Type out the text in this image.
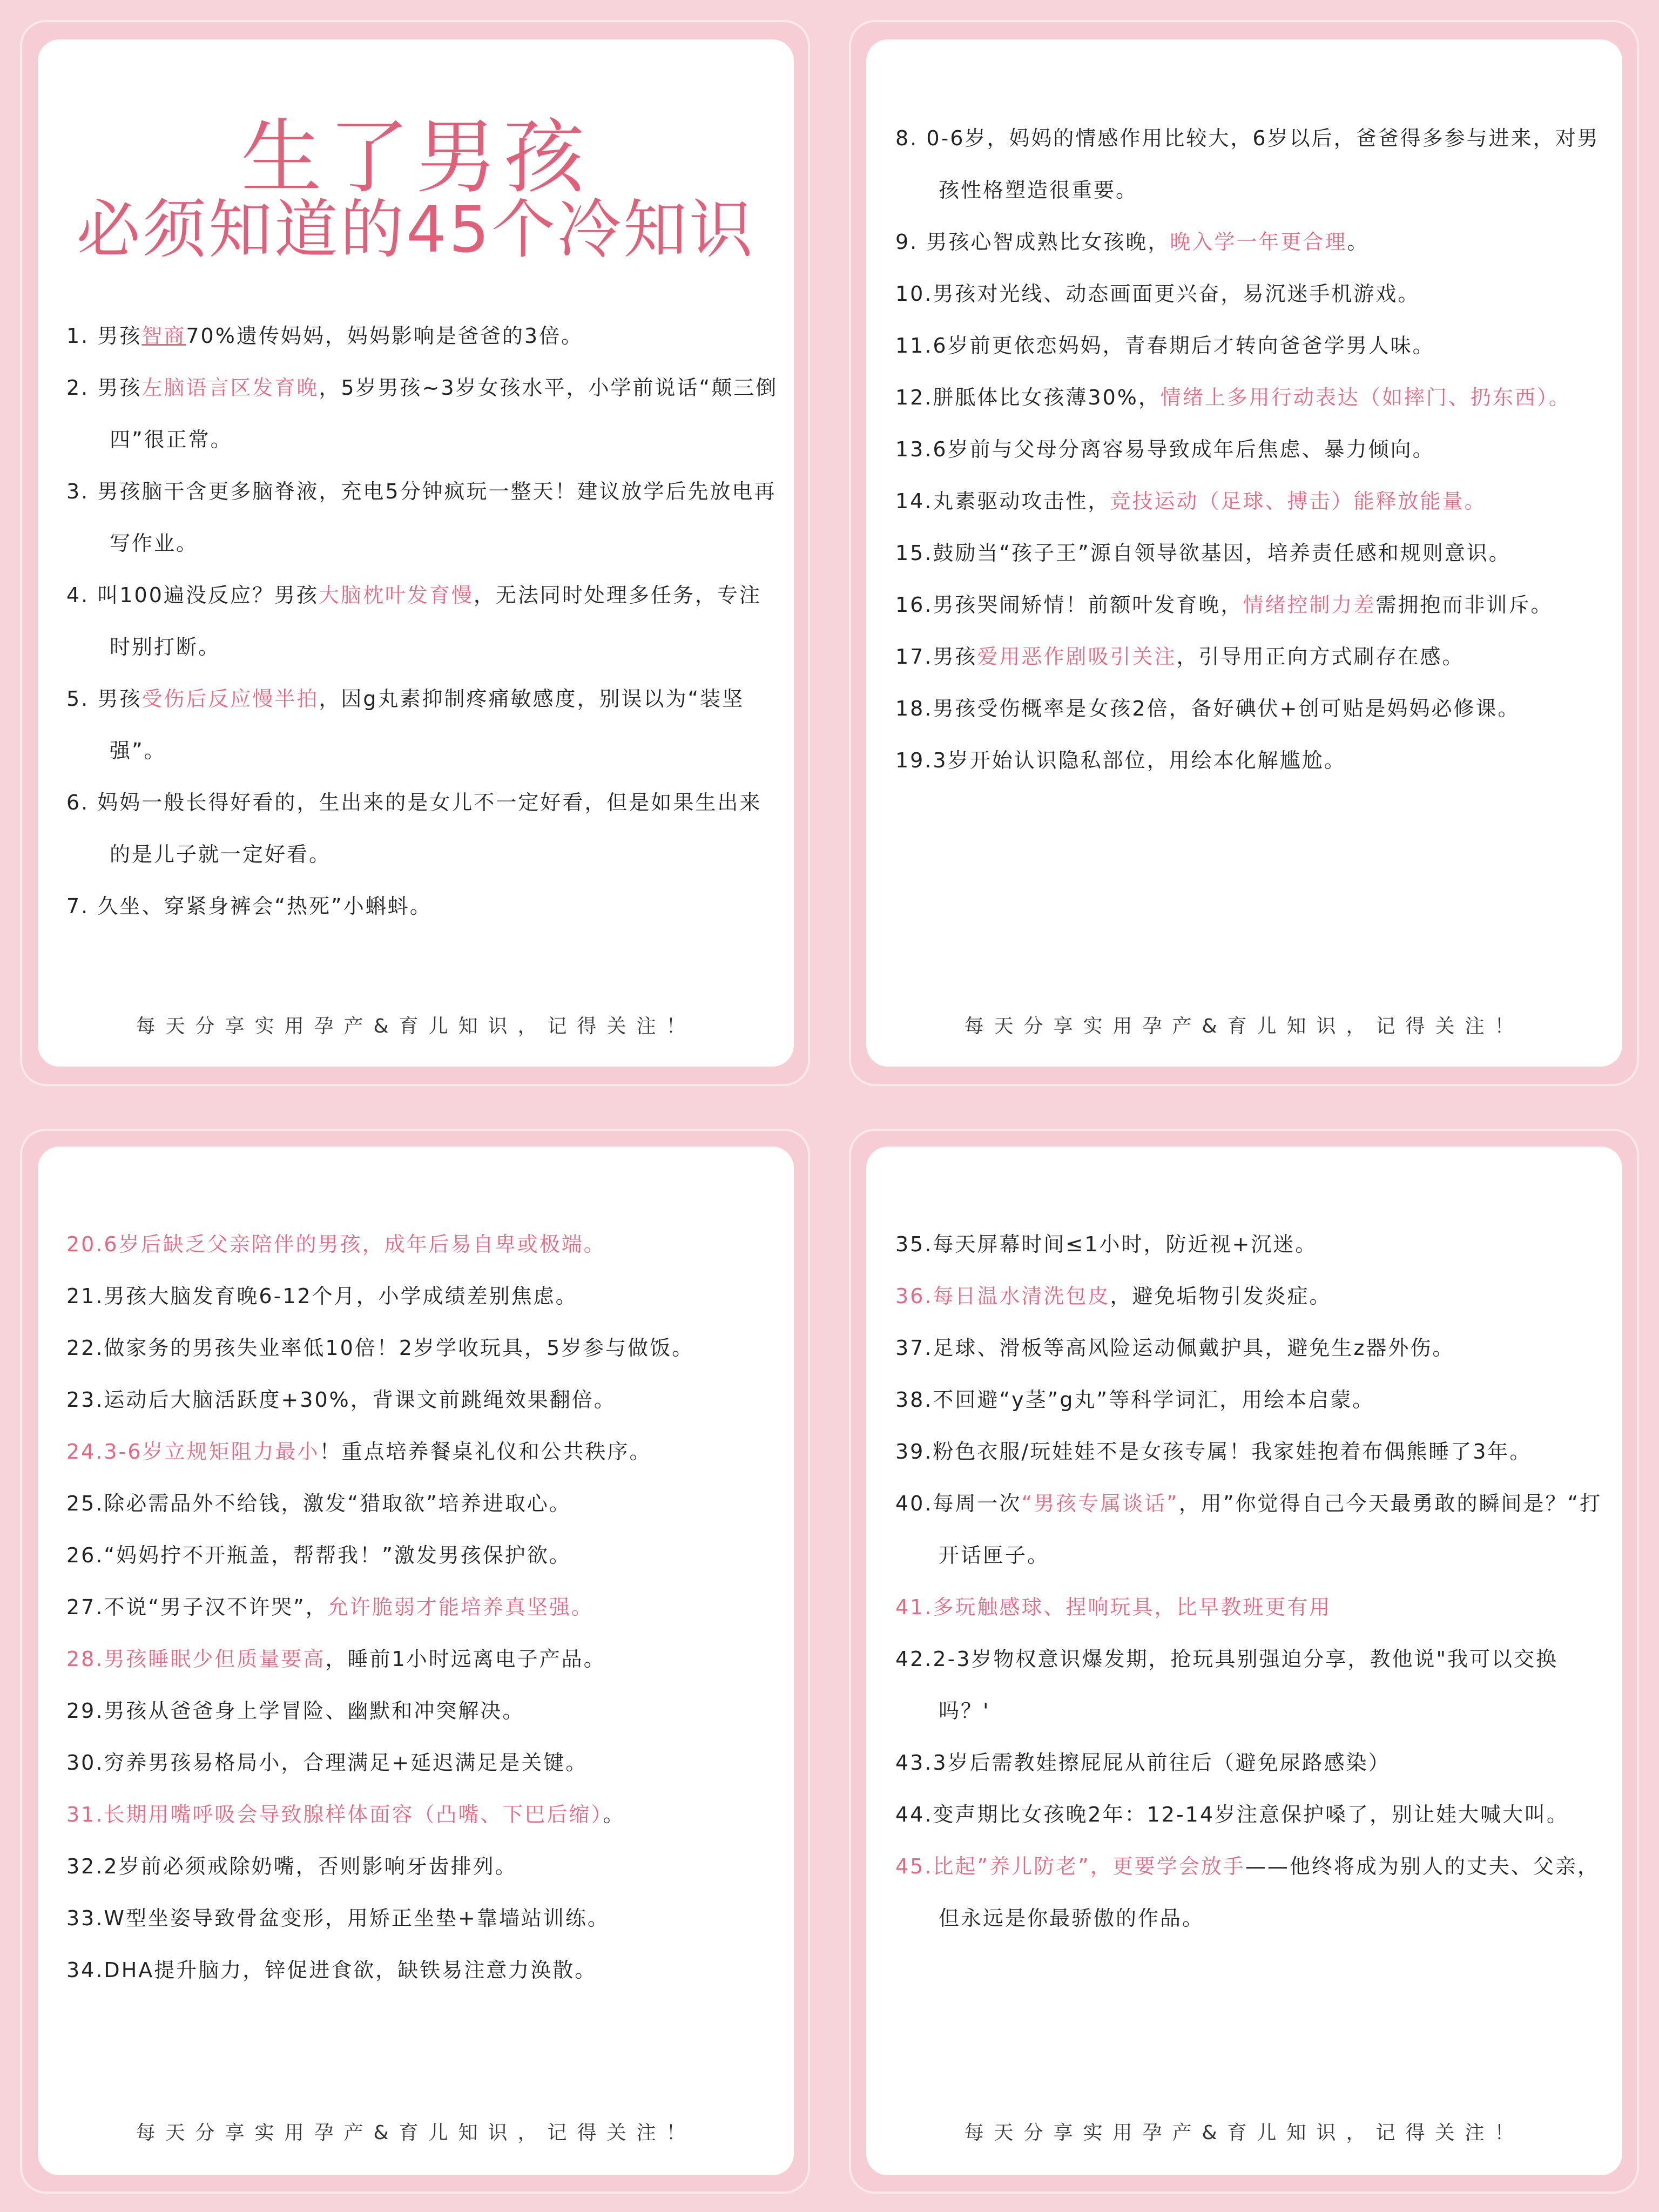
生了男孩
必须知道的45个冷知识
1. 男孩智商70%遗传妈妈，妈妈影响是爸爸的3倍。
2. 男孩左脑语言区发育晚，5岁男孩~3岁女孩水平，小学前说话“颠三倒四”很正常。
3. 男孩脑干含更多脑脊液，充电5分钟疯玩一整天！建议放学后先放电再写作业。
4. 叫100遍没反应？男孩大脑枕叶发育慢，无法同时处理多任务，专注时别打断。
5. 男孩受伤后反应慢半拍，因g丸素抑制疼痛敏感度，别误以为“装坚强”。
6. 妈妈一般长得好看的，生出来的是女儿不一定好看，但是如果生出来的是儿子就一定好看。
7. 久坐、穿紧身裤会“热死”小蝌蚪。
8. 0-6岁，妈妈的情感作用比较大，6岁以后，爸爸得多参与进来，对男孩性格塑造很重要。
9. 男孩心智成熟比女孩晚，晚入学一年更合理。
10.男孩对光线、动态画面更兴奋，易沉迷手机游戏。
11.6岁前更依恋妈妈，青春期后才转向爸爸学男人味。
12.胼胝体比女孩薄30%，情绪上多用行动表达（如摔门、扔东西）。
13.6岁前与父母分离容易导致成年后焦虑、暴力倾向。
14.丸素驱动攻击性，竞技运动（足球、搏击）能释放能量。
15.鼓励当“孩子王”源自领导欲基因，培养责任感和规则意识。
16.男孩哭闹矫情！前额叶发育晚，情绪控制力差需拥抱而非训斥。
17.男孩爱用恶作剧吸引关注，引导用正向方式刷存在感。
18.男孩受伤概率是女孩2倍，备好碘伏+创可贴是妈妈必修课。
19.3岁开始认识隐私部位，用绘本化解尴尬。
20.6岁后缺乏父亲陪伴的男孩，成年后易自卑或极端。
21.男孩大脑发育晚6-12个月，小学成绩差别焦虑。
22.做家务的男孩失业率低10倍！2岁学收玩具，5岁参与做饭。
23.运动后大脑活跃度+30%，背课文前跳绳效果翻倍。
24.3-6岁立规矩阻力最小！重点培养餐桌礼仪和公共秩序。
25.除必需品外不给钱，激发“猎取欲”培养进取心。
26.“妈妈拧不开瓶盖，帮帮我！”激发男孩保护欲。
27.不说“男子汉不许哭”，允许脆弱才能培养真坚强。
28.男孩睡眠少但质量要高，睡前1小时远离电子产品。
29.男孩从爸爸身上学冒险、幽默和冲突解决。
30.穷养男孩易格局小，合理满足+延迟满足是关键。
31.长期用嘴呼吸会导致腺样体面容（凸嘴、下巴后缩）。
32.2岁前必须戒除奶嘴，否则影响牙齿排列。
33.W型坐姿导致骨盆变形，用矫正坐垫+靠墙站训练。
34.DHA提升脑力，锌促进食欲，缺铁易注意力涣散。
35.每天屏幕时间≤1小时，防近视+沉迷。
36.每日温水清洗包皮，避免垢物引发炎症。
37.足球、滑板等高风险运动佩戴护具，避免生z器外伤。
38.不回避“y茎”g丸”等科学词汇，用绘本启蒙。
39.粉色衣服/玩娃娃不是女孩专属！我家娃抱着布偶熊睡了3年。
40.每周一次“男孩专属谈话”，用”你觉得自己今天最勇敢的瞬间是？“打开话匣子。
41.多玩触感球、捏响玩具，比早教班更有用
42.2-3岁物权意识爆发期，抢玩具别强迫分享，教他说"我可以交换吗？'
43.3岁后需教娃擦屁屁从前往后（避免尿路感染）
44.变声期比女孩晚2年：12-14岁注意保护嗓了，别让娃大喊大叫。
45.比起”养儿防老”，更要学会放手——他终将成为别人的丈夫、父亲，但永远是你最骄傲的作品。
每天分享实用孕产&育儿知识，记得关注！	每天分享实用孕产&育儿知识，记得关注！
每天分享实用孕产&育儿知识，记得关注！	每天分享实用孕产&育儿知识，记得关注！
